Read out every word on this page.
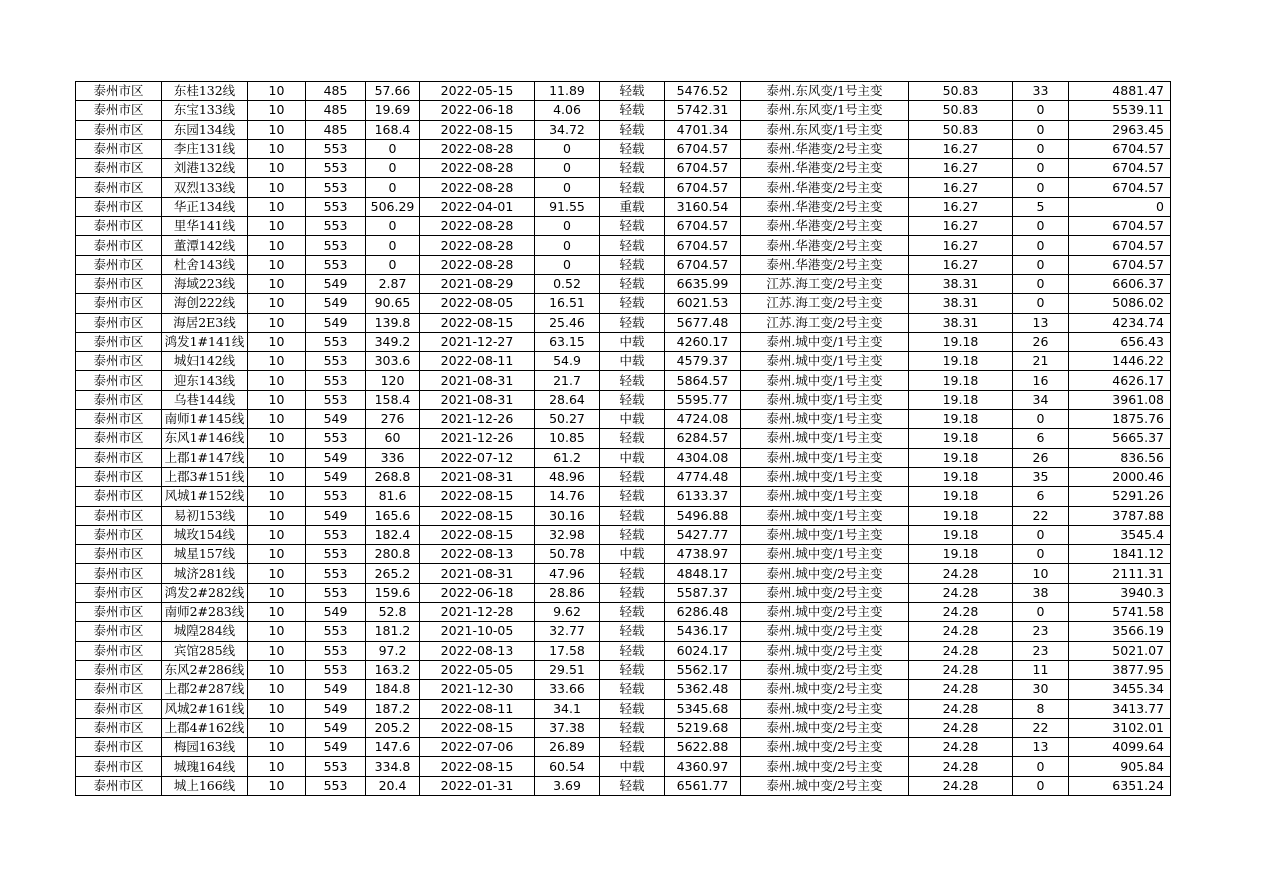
泰州市区	东桂132线	10	485	57.66	2022-05-15	11.89	轻载	5476.52	泰州.东风变/1号主变	50.83	33	4881.47
泰州市区	东宝133线	10	485	19.69	2022-06-18	4.06	轻载	5742.31	泰州.东风变/1号主变	50.83	0	5539.11
泰州市区	东园134线	10	485	168.4	2022-08-15	34.72	轻载	4701.34	泰州.东风变/1号主变	50.83	0	2963.45
泰州市区	李庄131线	10	553	0	2022-08-28	0	轻载	6704.57	泰州.华港变/2号主变	16.27	0	6704.57
泰州市区	刘港132线	10	553	0	2022-08-28	0	轻载	6704.57	泰州.华港变/2号主变	16.27	0	6704.57
泰州市区	双烈133线	10	553	0	2022-08-28	0	轻载	6704.57	泰州.华港变/2号主变	16.27	0	6704.57
泰州市区	华正134线	10	553	506.29	2022-04-01	91.55	重载	3160.54	泰州.华港变/2号主变	16.27	5	0
泰州市区	里华141线	10	553	0	2022-08-28	0	轻载	6704.57	泰州.华港变/2号主变	16.27	0	6704.57
泰州市区	董潭142线	10	553	0	2022-08-28	0	轻载	6704.57	泰州.华港变/2号主变	16.27	0	6704.57
泰州市区	杜舍143线	10	553	0	2022-08-28	0	轻载	6704.57	泰州.华港变/2号主变	16.27	0	6704.57
泰州市区	海域223线	10	549	2.87	2021-08-29	0.52	轻载	6635.99	江苏.海工变/2号主变	38.31	0	6606.37
泰州市区	海创222线	10	549	90.65	2022-08-05	16.51	轻载	6021.53	江苏.海工变/2号主变	38.31	0	5086.02
泰州市区	海居2E3线	10	549	139.8	2022-08-15	25.46	轻载	5677.48	江苏.海工变/2号主变	38.31	13	4234.74
泰州市区	鸿发1#141线	10	553	349.2	2021-12-27	63.15	中载	4260.17	泰州.城中变/1号主变	19.18	26	656.43
泰州市区	城妇142线	10	553	303.6	2022-08-11	54.9	中载	4579.37	泰州.城中变/1号主变	19.18	21	1446.22
泰州市区	迎东143线	10	553	120	2021-08-31	21.7	轻载	5864.57	泰州.城中变/1号主变	19.18	16	4626.17
泰州市区	乌巷144线	10	553	158.4	2021-08-31	28.64	轻载	5595.77	泰州.城中变/1号主变	19.18	34	3961.08
泰州市区	南师1#145线	10	549	276	2021-12-26	50.27	中载	4724.08	泰州.城中变/1号主变	19.18	0	1875.76
泰州市区	东风1#146线	10	553	60	2021-12-26	10.85	轻载	6284.57	泰州.城中变/1号主变	19.18	6	5665.37
泰州市区	上郡1#147线	10	549	336	2022-07-12	61.2	中载	4304.08	泰州.城中变/1号主变	19.18	26	836.56
泰州市区	上郡3#151线	10	549	268.8	2021-08-31	48.96	轻载	4774.48	泰州.城中变/1号主变	19.18	35	2000.46
泰州市区	风城1#152线	10	553	81.6	2022-08-15	14.76	轻载	6133.37	泰州.城中变/1号主变	19.18	6	5291.26
泰州市区	易初153线	10	549	165.6	2022-08-15	30.16	轻载	5496.88	泰州.城中变/1号主变	19.18	22	3787.88
泰州市区	城玫154线	10	553	182.4	2022-08-15	32.98	轻载	5427.77	泰州.城中变/1号主变	19.18	0	3545.4
泰州市区	城星157线	10	553	280.8	2022-08-13	50.78	中载	4738.97	泰州.城中变/1号主变	19.18	0	1841.12
泰州市区	城济281线	10	553	265.2	2021-08-31	47.96	轻载	4848.17	泰州.城中变/2号主变	24.28	10	2111.31
泰州市区	鸿发2#282线	10	553	159.6	2022-06-18	28.86	轻载	5587.37	泰州.城中变/2号主变	24.28	38	3940.3
泰州市区	南师2#283线	10	549	52.8	2021-12-28	9.62	轻载	6286.48	泰州.城中变/2号主变	24.28	0	5741.58
泰州市区	城隍284线	10	553	181.2	2021-10-05	32.77	轻载	5436.17	泰州.城中变/2号主变	24.28	23	3566.19
泰州市区	宾馆285线	10	553	97.2	2022-08-13	17.58	轻载	6024.17	泰州.城中变/2号主变	24.28	23	5021.07
泰州市区	东风2#286线	10	553	163.2	2022-05-05	29.51	轻载	5562.17	泰州.城中变/2号主变	24.28	11	3877.95
泰州市区	上郡2#287线	10	549	184.8	2021-12-30	33.66	轻载	5362.48	泰州.城中变/2号主变	24.28	30	3455.34
泰州市区	风城2#161线	10	549	187.2	2022-08-11	34.1	轻载	5345.68	泰州.城中变/2号主变	24.28	8	3413.77
泰州市区	上郡4#162线	10	549	205.2	2022-08-15	37.38	轻载	5219.68	泰州.城中变/2号主变	24.28	22	3102.01
泰州市区	梅园163线	10	549	147.6	2022-07-06	26.89	轻载	5622.88	泰州.城中变/2号主变	24.28	13	4099.64
泰州市区	城瑰164线	10	553	334.8	2022-08-15	60.54	中载	4360.97	泰州.城中变/2号主变	24.28	0	905.84
泰州市区	城上166线	10	553	20.4	2022-01-31	3.69	轻载	6561.77	泰州.城中变/2号主变	24.28	0	6351.24
